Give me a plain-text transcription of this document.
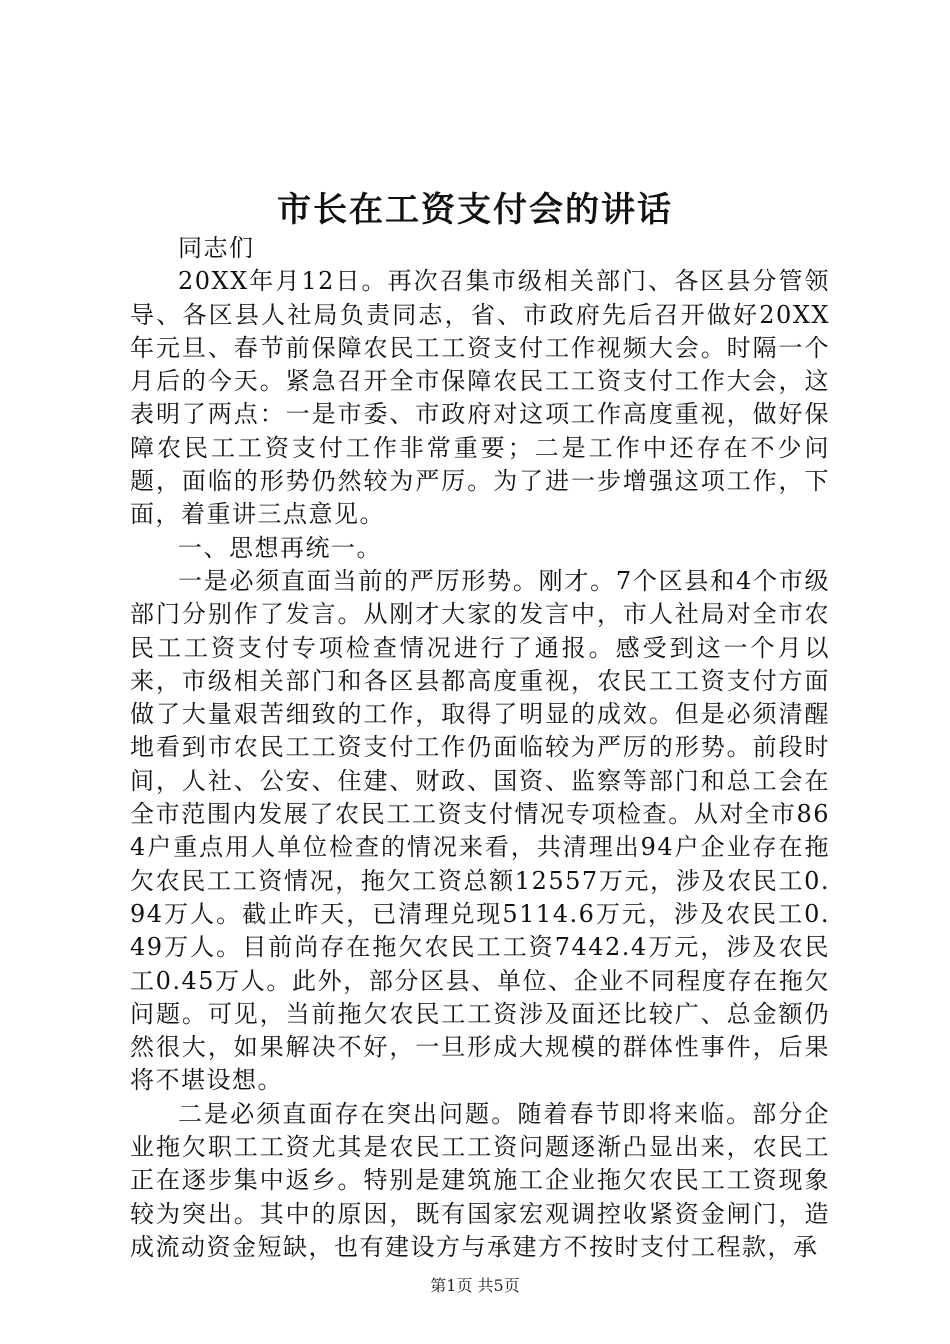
市长在工资支付会的讲话

同志们

20XX年月12日。再次召集市级相关部门、各区县分管领导、各区县人社局负责同志，省、市政府先后召开做好20XX年元旦、春节前保障农民工工资支付工作视频大会。时隔一个月后的今天。紧急召开全市保障农民工工资支付工作大会，这表明了两点：一是市委、市政府对这项工作高度重视，做好保障农民工工资支付工作非常重要；二是工作中还存在不少问题，面临的形势仍然较为严厉。为了进一步增强这项工作，下面，着重讲三点意见。

一、思想再统一。

一是必须直面当前的严厉形势。刚才。7个区县和4个市级部门分别作了发言。从刚才大家的发言中，市人社局对全市农民工工资支付专项检查情况进行了通报。感受到这一个月以来，市级相关部门和各区县都高度重视，农民工工资支付方面做了大量艰苦细致的工作，取得了明显的成效。但是必须清醒地看到市农民工工资支付工作仍面临较为严厉的形势。前段时间，人社、公安、住建、财政、国资、监察等部门和总工会在全市范围内发展了农民工工资支付情况专项检查。从对全市864户重点用人单位检查的情况来看，共清理出94户企业存在拖欠农民工工资情况，拖欠工资总额12557万元，涉及农民工0.94万人。截止昨天，已清理兑现5114.6万元，涉及农民工0.49万人。目前尚存在拖欠农民工工资7442.4万元，涉及农民工0.45万人。此外，部分区县、单位、企业不同程度存在拖欠问题。可见，当前拖欠农民工工资涉及面还比较广、总金额仍然很大，如果解决不好，一旦形成大规模的群体性事件，后果将不堪设想。

二是必须直面存在突出问题。随着春节即将来临。部分企业拖欠职工工资尤其是农民工工资问题逐渐凸显出来，农民工正在逐步集中返乡。特别是建筑施工企业拖欠农民工工资现象较为突出。其中的原因，既有国家宏观调控收紧资金闸门，造成流动资金短缺，也有建设方与承建方不按时支付工程款，承

第1页 共5页
